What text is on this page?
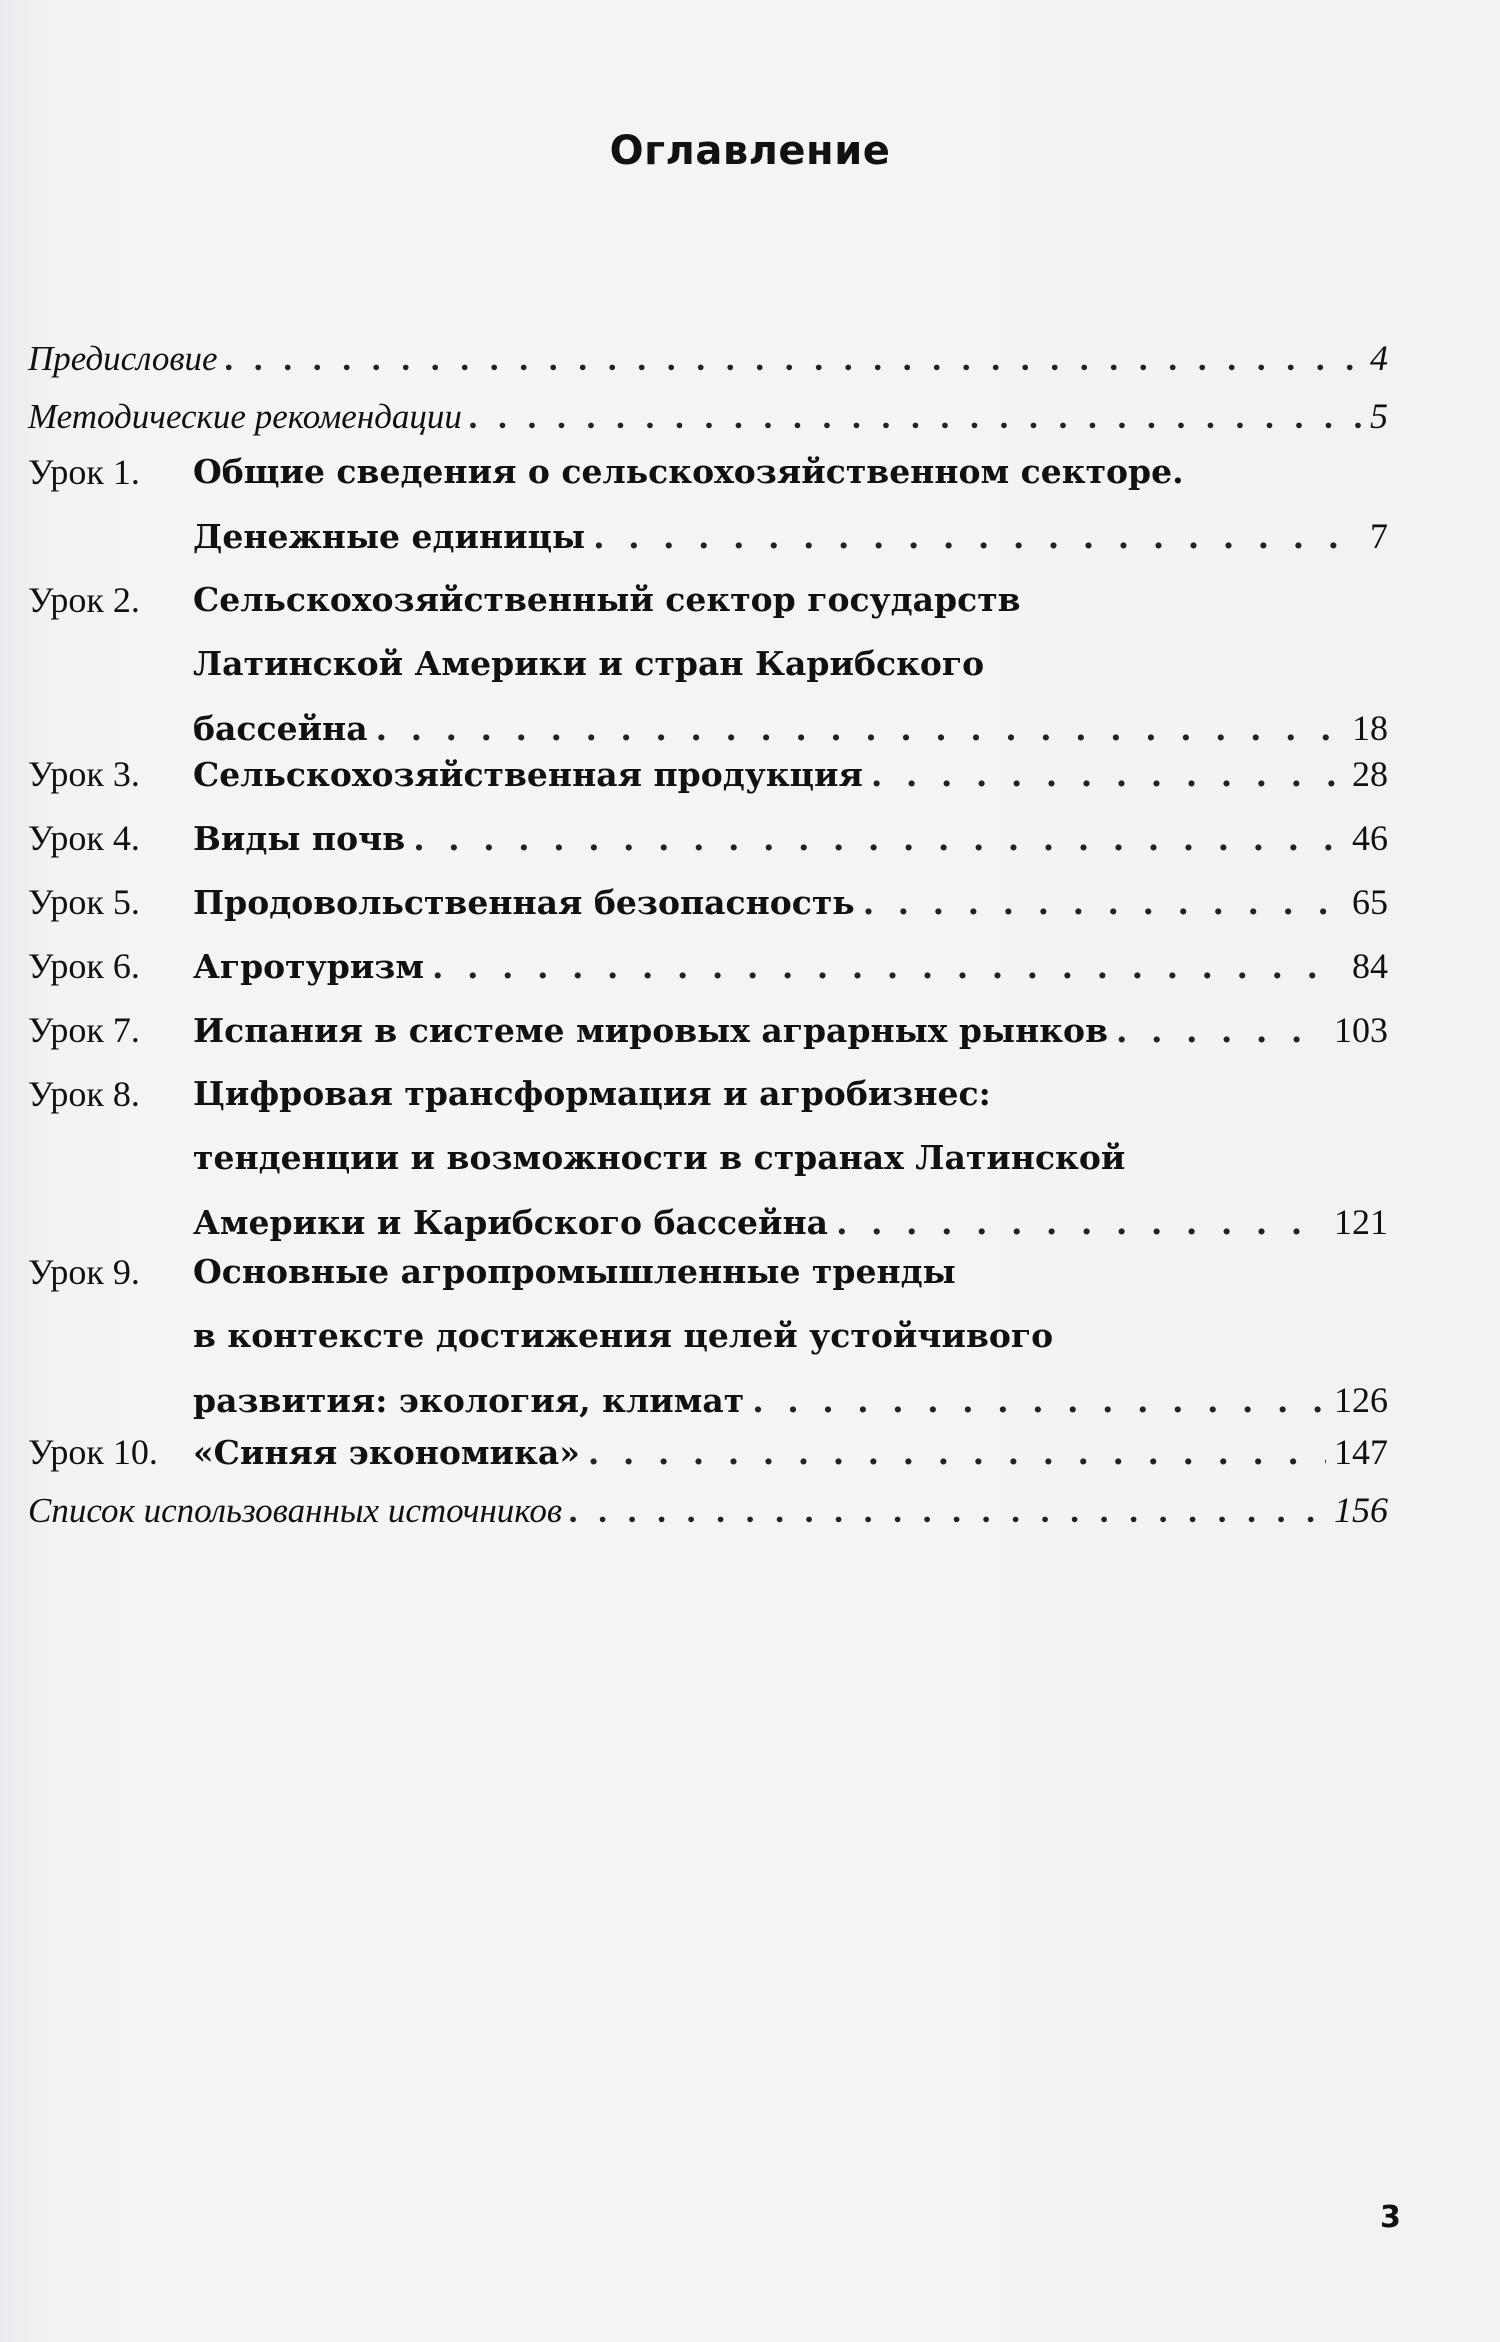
Оглавление
Предисловие . . .	4
Методические рекомендации . . .	5
Урок 1. Общие сведения о сельскохозяйственном секторе.
Денежные единицы . . .	7
Урок 2. Сельскохозяйственный сектор государств
Латинской Америки и стран Карибского
бассейна . . .	18
Урок 3. Сельскохозяйственная продукция . . .	28
Урок 4. Виды почв . . .	46
Урок 5. Продовольственная безопасность . . .	65
Урок 6. Агротуризм . . .	84
Урок 7. Испания в системе мировых аграрных рынков . . .	103
Урок 8. Цифровая трансформация и агробизнес:
тенденции и возможности в странах Латинской
Америки и Карибского бассейна . . .	121
Урок 9. Основные агропромышленные тренды
в контексте достижения целей устойчивого
развития: экология, климат . . .	126
Урок 10. «Синяя экономика» . . .	147
Список использованных источников . . .	156
3
